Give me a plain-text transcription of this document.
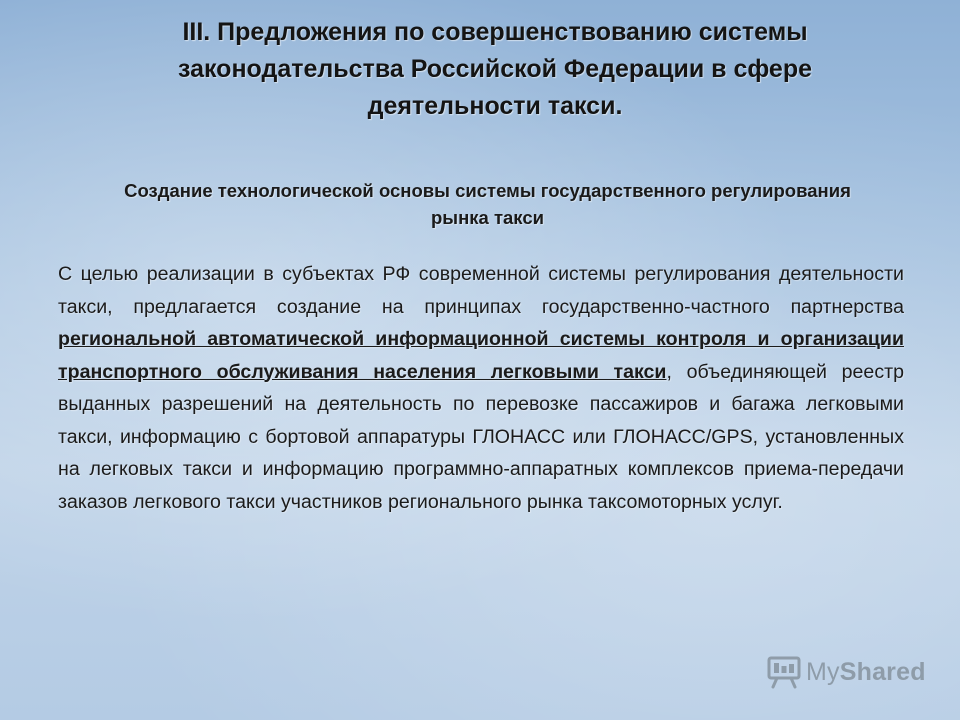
III. Предложения по совершенствованию системы законодательства Российской Федерации в сфере деятельности такси.
Создание технологической основы системы государственного регулирования рынка такси

С целью реализации в субъектах РФ современной системы регулирования деятельности такси, предлагается создание на принципах государственно-частного партнерства региональной автоматической информационной системы контроля и организации транспортного обслуживания населения легковыми такси, объединяющей реестр выданных разрешений на деятельность по перевозке пассажиров и багажа легковыми такси, информацию с бортовой аппаратуры ГЛОНАСС или ГЛОНАСС/GPS, установленных на легковых такси и информацию программно-аппаратных комплексов приема-передачи заказов легкового такси участников регионального рынка таксомоторных услуг.

MyShared
